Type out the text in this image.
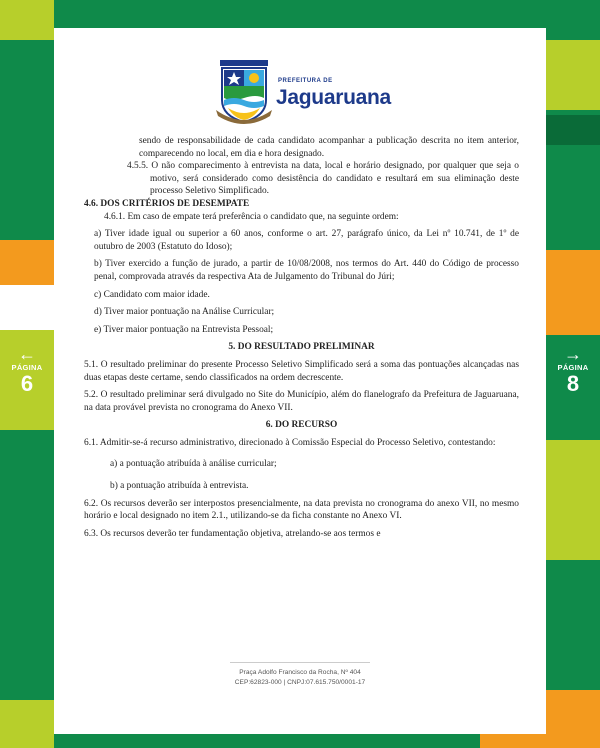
←
PÁGINA
6
→
PÁGINA
8
PREFEITURA DE
Jaguaruana

sendo de responsabilidade de cada candidato acompanhar a publicação descrita no item anterior, comparecendo no local, em dia e hora designado.

4.5.5. O não comparecimento à entrevista na data, local e horário designado, por qualquer que seja o motivo, será considerado como desistência do candidato e resultará em sua eliminação deste processo Seletivo Simplificado.

4.6. DOS CRITÉRIOS DE DESEMPATE

4.6.1. Em caso de empate terá preferência o candidato que, na seguinte ordem:

a) Tiver idade igual ou superior a 60 anos, conforme o art. 27, parágrafo único, da Lei nº 10.741, de 1º de outubro de 2003 (Estatuto do Idoso);

b) Tiver exercido a função de jurado, a partir de 10/08/2008, nos termos do Art. 440 do Código de processo penal, comprovada através da respectiva Ata de Julgamento do Tribunal do Júri;

c) Candidato com maior idade.

d) Tiver maior pontuação na Análise Curricular;

e) Tiver maior pontuação na Entrevista Pessoal;

5. DO RESULTADO PRELIMINAR

5.1. O resultado preliminar do presente Processo Seletivo Simplificado será a soma das pontuações alcançadas nas duas etapas deste certame, sendo classificados na ordem decrescente.

5.2. O resultado preliminar será divulgado no Site do Município, além do flanelografo da Prefeitura de Jaguaruana, na data provável prevista no cronograma do Anexo VII.

6. DO RECURSO

6.1. Admitir-se-á recurso administrativo, direcionado à Comissão Especial do Processo Seletivo, contestando:

a) a pontuação atribuída à análise curricular;

b) a pontuação atribuída à entrevista.

6.2. Os recursos deverão ser interpostos presencialmente, na data prevista no cronograma do anexo VII, no mesmo horário e local designado no item 2.1., utilizando-se da ficha constante no Anexo VI.

6.3. Os recursos deverão ter fundamentação objetiva, atrelando-se aos termos e

Praça Adolfo Francisco da Rocha, Nº 404
CEP:62823-000 | CNPJ:07.615.750/0001-17
